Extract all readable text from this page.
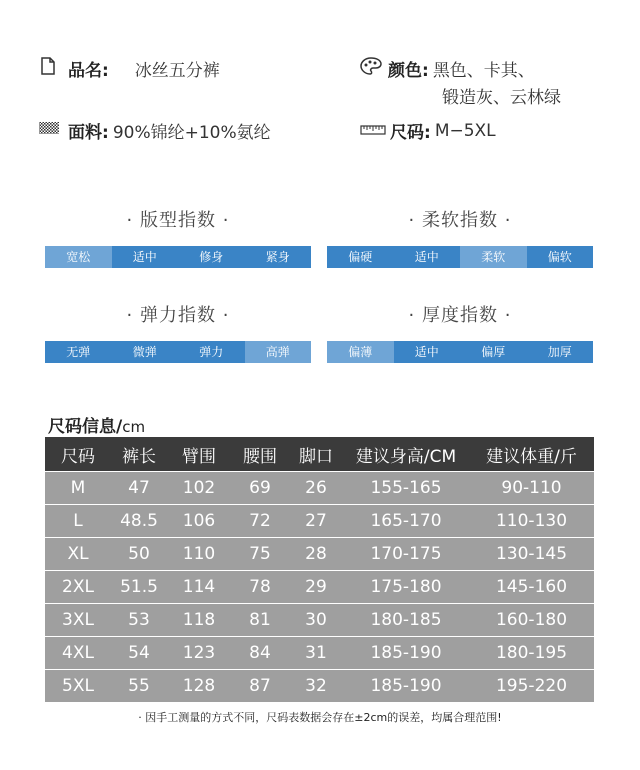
品名: 冰丝五分裤	颜色: 黑色、卡其、
锻造灰、云林绿
面料: 90%锦纶+10%氨纶	尺码: M−5XL
· 版型指数 ·
宽松	适中	修身	紧身
· 柔软指数 ·
偏硬	适中	柔软	偏软
· 弹力指数 ·
无弹	微弹	弹力	高弹
· 厚度指数 ·
偏薄	适中	偏厚	加厚
尺码信息/cm
尺码	裤长	臂围	腰围	脚口	建议身高/CM	建议体重/斤
M	47	102	69	26	155-165	90-110
L	48.5	106	72	27	165-170	110-130
XL	50	110	75	28	170-175	130-145
2XL	51.5	114	78	29	175-180	145-160
3XL	53	118	81	30	180-185	160-180
4XL	54	123	84	31	185-190	180-195
5XL	55	128	87	32	185-190	195-220
· 因手工测量的方式不同，尺码表数据会存在±2cm的误差，均属合理范围!
